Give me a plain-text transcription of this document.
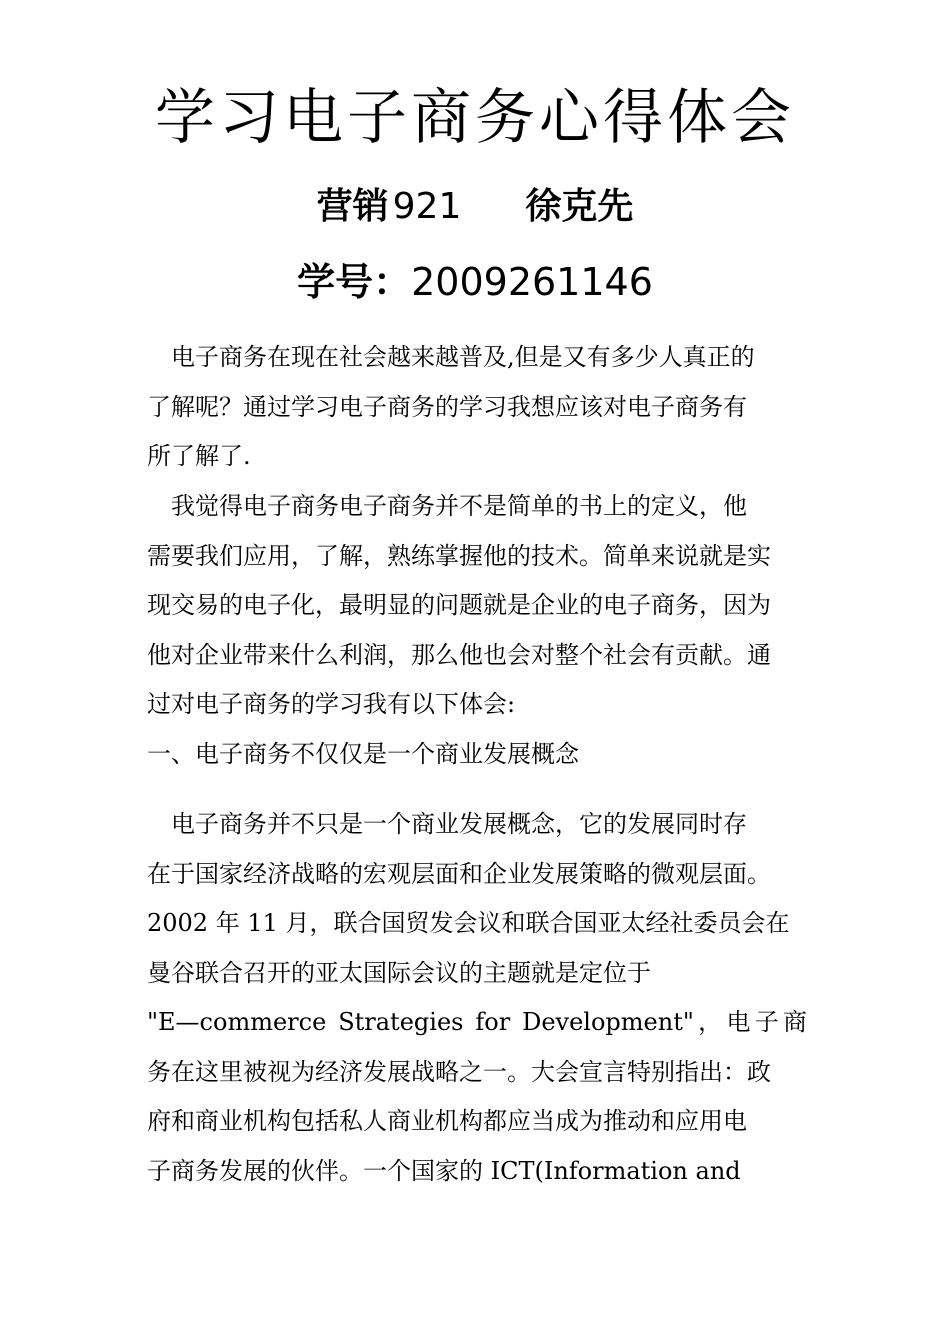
学习电子商务心得体会

营销 921 徐克先

学号：2009261146

　电子商务在现在社会越来越普及,但是又有多少人真正的
了解呢？通过学习电子商务的学习我想应该对电子商务有
所了解了.
　我觉得电子商务电子商务并不是简单的书上的定义，他
需要我们应用，了解，熟练掌握他的技术。简单来说就是实
现交易的电子化，最明显的问题就是企业的电子商务，因为
他对企业带来什么利润，那么他也会对整个社会有贡献。通
过对电子商务的学习我有以下体会:
一、电子商务不仅仅是一个商业发展概念
　电子商务并不只是一个商业发展概念，它的发展同时存
在于国家经济战略的宏观层面和企业发展策略的微观层面。
2002 年 11 月，联合国贸发会议和联合国亚太经社委员会在
曼谷联合召开的亚太国际会议的主题就是定位于
"E—commerce Strategies for Development"，电子商
务在这里被视为经济发展战略之一。大会宣言特别指出：政
府和商业机构包括私人商业机构都应当成为推动和应用电
子商务发展的伙伴。一个国家的 ICT(Information and
